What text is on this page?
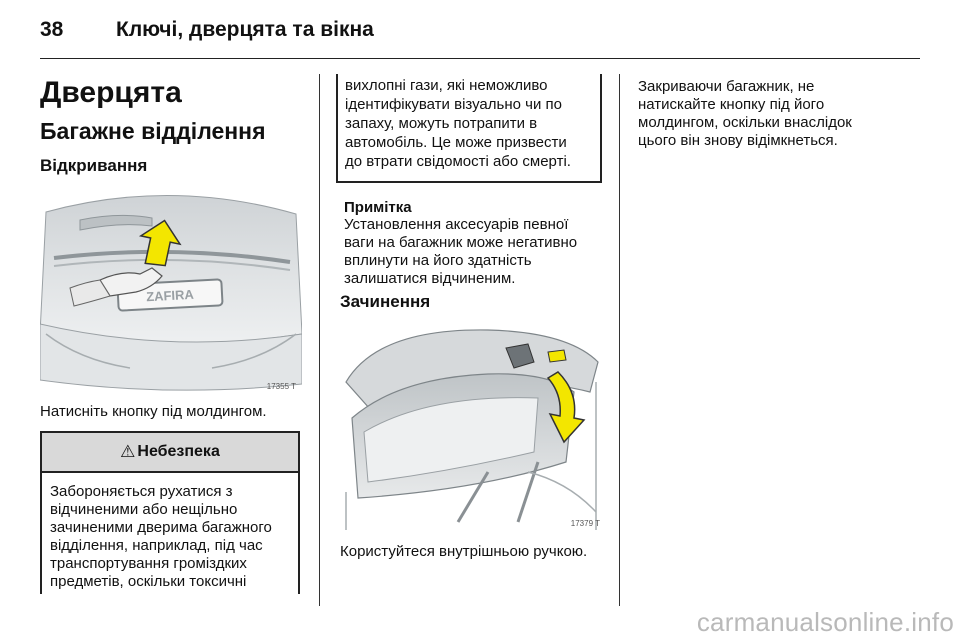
38	Ключі, дверцята та вікна
Дверцята
Багажне відділення
Відкривання
ZAFIRA
17355 T
Натисніть кнопку під молдингом.
⚠ Небезпека
Забороняється рухатися з
відчиненими або нещільно
зачиненими дверима багажного
відділення, наприклад, під час
транспортування громіздких
предметів, оскільки токсичні
вихлопні гази, які неможливо
ідентифікувати візуально чи по
запаху, можуть потрапити в
автомобіль. Це може призвести
до втрати свідомості або смерті.
Примітка
Установлення аксесуарів певної
ваги на багажник може негативно
вплинути на його здатність
залишатися відчиненим.
Зачинення
17379 T
Користуйтеся внутрішньою ручкою.
Закриваючи багажник, не
натискайте кнопку під його
молдингом, оскільки внаслідок
цього він знову відімкнеться.
carmanualsonline.info
